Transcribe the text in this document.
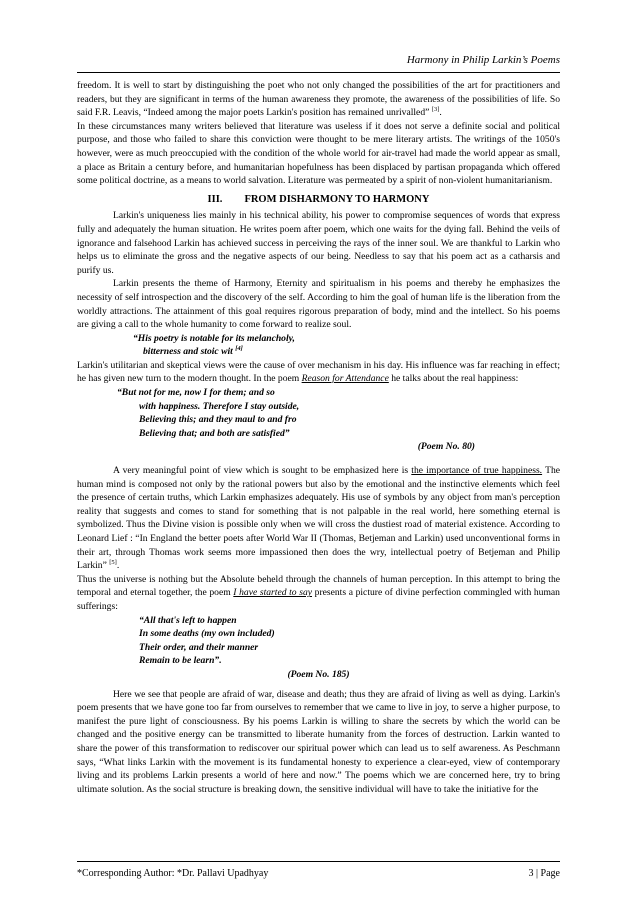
Harmony in Philip Larkin’s Poems

freedom. It is well to start by distinguishing the poet who not only changed the possibilities of the art for practitioners and readers, but they are significant in terms of the human awareness they promote, the awareness of the possibilities of life. So said F.R. Leavis, “Indeed among the major poets Larkin's position has remained unrivalled” [3].

In these circumstances many writers believed that literature was useless if it does not serve a definite social and political purpose, and those who failed to share this conviction were thought to be mere literary artists. The writings of the 1050's however, were as much preoccupied with the condition of the whole world for air-travel had made the world appear as small, a place as Britain a century before, and humanitarian hopefulness has been displaced by partisan propaganda which offered some political doctrine, as a means to world salvation. Literature was permeated by a spirit of non-violent humanitarianism.

III. FROM DISHARMONY TO HARMONY

Larkin's uniqueness lies mainly in his technical ability, his power to compromise sequences of words that express fully and adequately the human situation. He writes poem after poem, which one waits for the dying fall. Behind the veils of ignorance and falsehood Larkin has achieved success in perceiving the rays of the inner soul. We are thankful to Larkin who helps us to eliminate the gross and the negative aspects of our being. Needless to say that his poem act as a catharsis and purify us.

Larkin presents the theme of Harmony, Eternity and spiritualism in his poems and thereby he emphasizes the necessity of self introspection and the discovery of the self. According to him the goal of human life is the liberation from the worldly attractions. The attainment of this goal requires rigorous preparation of body, mind and the intellect. So his poems are giving a call to the whole humanity to come forward to realize soul.

“His poetry is notable for its melancholy,

bitterness and stoic wit [4]

Larkin's utilitarian and skeptical views were the cause of over mechanism in his day. His influence was far reaching in effect; he has given new turn to the modern thought. In the poem Reason for Attendance he talks about the real happiness:

“But not for me, now I for them; and so

with happiness. Therefore I stay outside,

Believing this; and they maul to and fro

Believing that; and both are satisfied”

(Poem No. 80)

A very meaningful point of view which is sought to be emphasized here is the importance of true happiness. The human mind is composed not only by the rational powers but also by the emotional and the instinctive elements which feel the presence of certain truths, which Larkin emphasizes adequately. His use of symbols by any object from man's perception reality that suggests and comes to stand for something that is not palpable in the real world, here something eternal is symbolized. Thus the Divine vision is possible only when we will cross the dustiest road of material existence. According to Leonard Lief : “In England the better poets after World War II (Thomas, Betjeman and Larkin) used unconventional forms in their art, through Thomas work seems more impassioned then does the wry, intellectual poetry of Betjeman and Philip Larkin” [5].

Thus the universe is nothing but the Absolute beheld through the channels of human perception. In this attempt to bring the temporal and eternal together, the poem I have started to say presents a picture of divine perfection commingled with human sufferings:

“All that's left to happen

In some deaths (my own included)

Their order, and their manner

Remain to be learn”.

(Poem No. 185)

Here we see that people are afraid of war, disease and death; thus they are afraid of living as well as dying. Larkin's poem presents that we have gone too far from ourselves to remember that we came to live in joy, to serve a higher purpose, to manifest the pure light of consciousness. By his poems Larkin is willing to share the secrets by which the world can be changed and the positive energy can be transmitted to liberate humanity from the forces of destruction. Larkin wanted to share the power of this transformation to rediscover our spiritual power which can lead us to self awareness. As Peschmann says, “What links Larkin with the movement is its fundamental honesty to experience a clear-eyed, view of contemporary living and its problems Larkin presents a world of here and now.” The poems which we are concerned here, try to bring ultimate solution. As the social structure is breaking down, the sensitive individual will have to take the initiative for the

*Corresponding Author: *Dr. Pallavi Upadhyay	3 | Page
